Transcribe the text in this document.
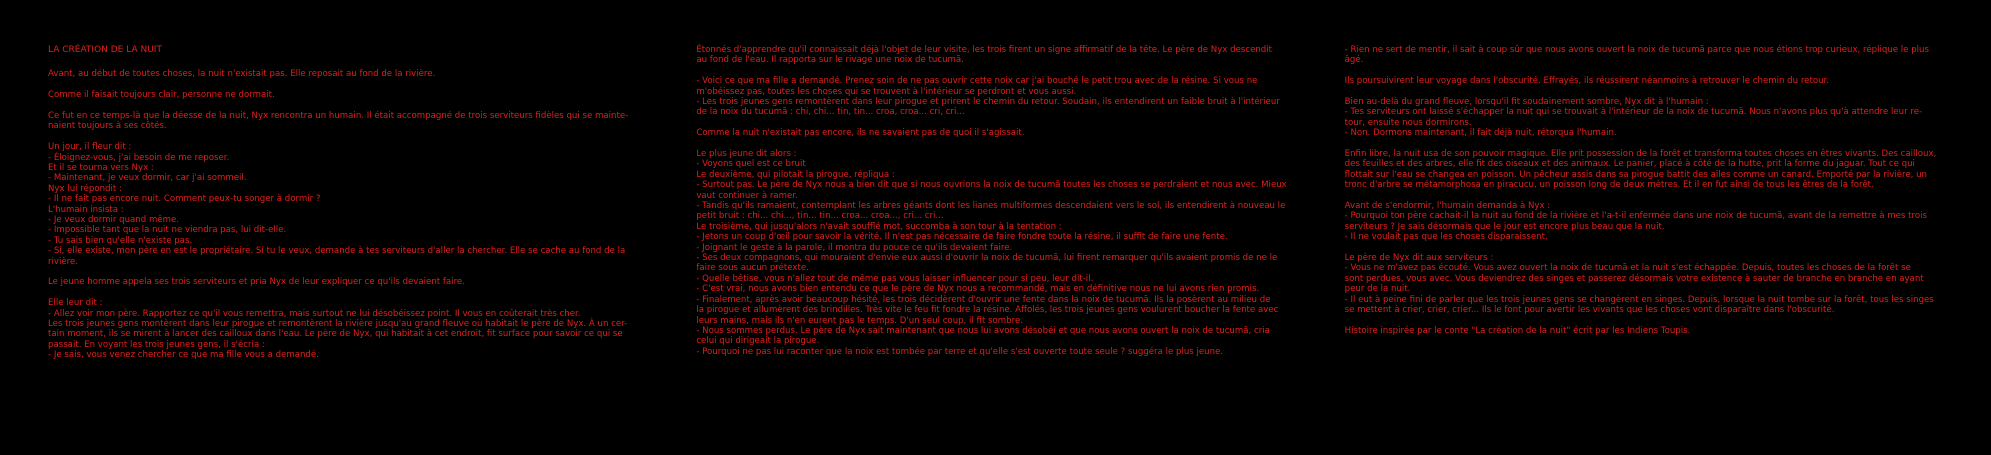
LA CRÉATION DE LA NUIT

Avant, au début de toutes choses, la nuit n'existait pas. Elle reposait au fond de la rivière.

Comme il faisait toujours clair, personne ne dormait.

Ce fut en ce temps-là que la déesse de la nuit, Nyx rencontra un humain. Il était accompagné de trois serviteurs fidèles qui se mainte-
naient toujours à ses côtés.

Un jour, il fleur dit :
- Éloignez-vous, j'ai besoin de me reposer.
Et il se tourna vers Nyx :
- Maintenant, je veux dormir, car j'ai sommeil.
Nyx lui répondit :
- Il ne fait pas encore nuit. Comment peux-tu songer à dormir ?
L'humain insista :
- Je veux dormir quand même.
- Impossible tant que la nuit ne viendra pas, lui dit-elle.
- Tu sais bien qu'elle n'existe pas.
- Si, elle existe, mon père en est le propriétaire. Si tu le veux, demande à tes serviteurs d'aller la chercher. Elle se cache au fond de la
rivière.

Le jeune homme appela ses trois serviteurs et pria Nyx de leur expliquer ce qu'ils devaient faire.

Elle leur dit :
- Allez voir mon père. Rapportez ce qu'il vous remettra, mais surtout ne lui désobéissez point. Il vous en coûterait très cher.
Les trois jeunes gens montèrent dans leur pirogue et remontèrent la rivière jusqu'au grand fleuve où habitait le père de Nyx. À un cer-
tain moment, ils se mirent à lancer des cailloux dans l'eau. Le père de Nyx, qui habitait à cet endroit, fit surface pour savoir ce qui se
passait. En voyant les trois jeunes gens, il s'écria :
- Je sais, vous venez chercher ce que ma fille vous a demandé.

Étonnés d'apprendre qu'il connaissait déjà l'objet de leur visite, les trois firent un signe affirmatif de la tête. Le père de Nyx descendit
au fond de l'eau. Il rapporta sur le rivage une noix de tucumã.

- Voici ce que ma fille a demandé. Prenez soin de ne pas ouvrir cette noix car j'ai bouché le petit trou avec de la résine. Si vous ne
m'obéissez pas, toutes les choses qui se trouvent à l'intérieur se perdront et vous aussi.
- Les trois jeunes gens remontèrent dans leur pirogue et prirent le chemin du retour. Soudain, ils entendirent un faible bruit à l'intérieur
de la noix du tucumã : chi, chi... tin, tin... croa, croa... cri, cri...

Comme la nuit n'existait pas encore, ils ne savaient pas de quoi il s'agissait.

Le plus jeune dit alors :
- Voyons quel est ce bruit
Le deuxième, qui pilotait la pirogue, répliqua :
- Surtout pas. Le père de Nyx nous a bien dit que si nous ouvrions la noix de tucumã toutes les choses se perdraient et nous avec. Mieux
vaut continuer à ramer.
- Tandis qu'ils ramaient, contemplant les arbres géants dont les lianes multiformes descendaient vers le sol, ils entendirent à nouveau le
petit bruit : chi... chi..., tin... tin... croa... croa..., cri... cri...
Le troisième, qui jusqu'alors n'avait soufflé mot, succomba à son tour à la tentation :
- Jetons un coup d'œil pour savoir la vérité. Il n'est pas nécessaire de faire fondre toute la résine, il suffit de faire une fente.
- Joignant le geste à la parole, il montra du pouce ce qu'ils devaient faire.
- Ses deux compagnons, qui mouraient d'envie eux aussi d'ouvrir la noix de tucumã, lui firent remarquer qu'ils avaient promis de ne le
faire sous aucun prétexte.
- Quelle bêtise, vous n'allez tout de même pas vous laisser influencer pour si peu, leur dit-il.
- C'est vrai, nous avons bien entendu ce que le père de Nyx nous a recommandé, mais en définitive nous ne lui avons rien promis.
- Finalement, après avoir beaucoup hésité, les trois décidèrent d'ouvrir une fente dans la noix de tucumã. Ils la posèrent au milieu de
la pirogue et allumèrent des brindilles. Très vite le feu fit fondre la résine. Affolés, les trois jeunes gens voulurent boucher la fente avec
leurs mains, mais ils n'en eurent pas le temps. D'un seul coup, il fit sombre.
- Nous sommes perdus. Le père de Nyx sait maintenant que nous lui avons désobéi et que nous avons ouvert la noix de tucumã, cria
celui qui dirigeait la pirogue.
- Pourquoi ne pas lui raconter que la noix est tombée par terre et qu'elle s'est ouverte toute seule ? suggéra le plus jeune.

- Rien ne sert de mentir, il sait à coup sûr que nous avons ouvert la noix de tucumã parce que nous étions trop curieux, réplique le plus
âgé.

Ils poursuivirent leur voyage dans l'obscurité. Effrayés, ils réussirent néanmoins à retrouver le chemin du retour.

Bien au-delà du grand fleuve, lorsqu'il fit soudainement sombre, Nyx dit à l'humain :
- Tes serviteurs ont laissé s'échapper la nuit qui se trouvait à l'intérieur de la noix de tucumã. Nous n'avons plus qu'à attendre leur re-
tour, ensuite nous dormirons.
- Non. Dormons maintenant, il fait déjà nuit, rétorqua l'humain.

Enfin libre, la nuit usa de son pouvoir magique. Elle prit possession de la forêt et transforma toutes choses en êtres vivants. Des cailloux,
des feuilles et des arbres, elle fit des oiseaux et des animaux. Le panier, placé à côté de la hutte, prit la forme du jaguar. Tout ce qui
flottait sur l'eau se changea en poisson. Un pêcheur assis dans sa pirogue battit des ailes comme un canard. Emporté par la rivière, un
tronc d'arbre se métamorphosa en piracucu, un poisson long de deux mètres. Et il en fut ainsi de tous les êtres de la forêt.

Avant de s'endormir, l'humain demanda à Nyx :
- Pourquoi ton père cachait-il la nuit au fond de la rivière et l'a-t-il enfermée dans une noix de tucumã, avant de la remettre à mes trois
serviteurs ? Je sais désormais que le jour est encore plus beau que la nuit.
- Il ne voulait pas que les choses disparaissent.

Le père de Nyx dit aux serviteurs :
- Vous ne m'avez pas écouté. Vous avez ouvert la noix de tucumã et la nuit s'est échappée. Depuis, toutes les choses de la forêt se
sont perdues, vous avec. Vous deviendrez des singes et passerez désormais votre existence à sauter de branche en branche en ayant
peur de la nuit.
- Il eut à peine fini de parler que les trois jeunes gens se changèrent en singes. Depuis, lorsque la nuit tombe sur la forêt, tous les singes
se mettent à crier, crier, crier... Ils le font pour avertir les vivants que les choses vont disparaître dans l'obscurité.

Histoire inspirée par le conte "La création de la nuit" écrit par les Indiens Toupis.
